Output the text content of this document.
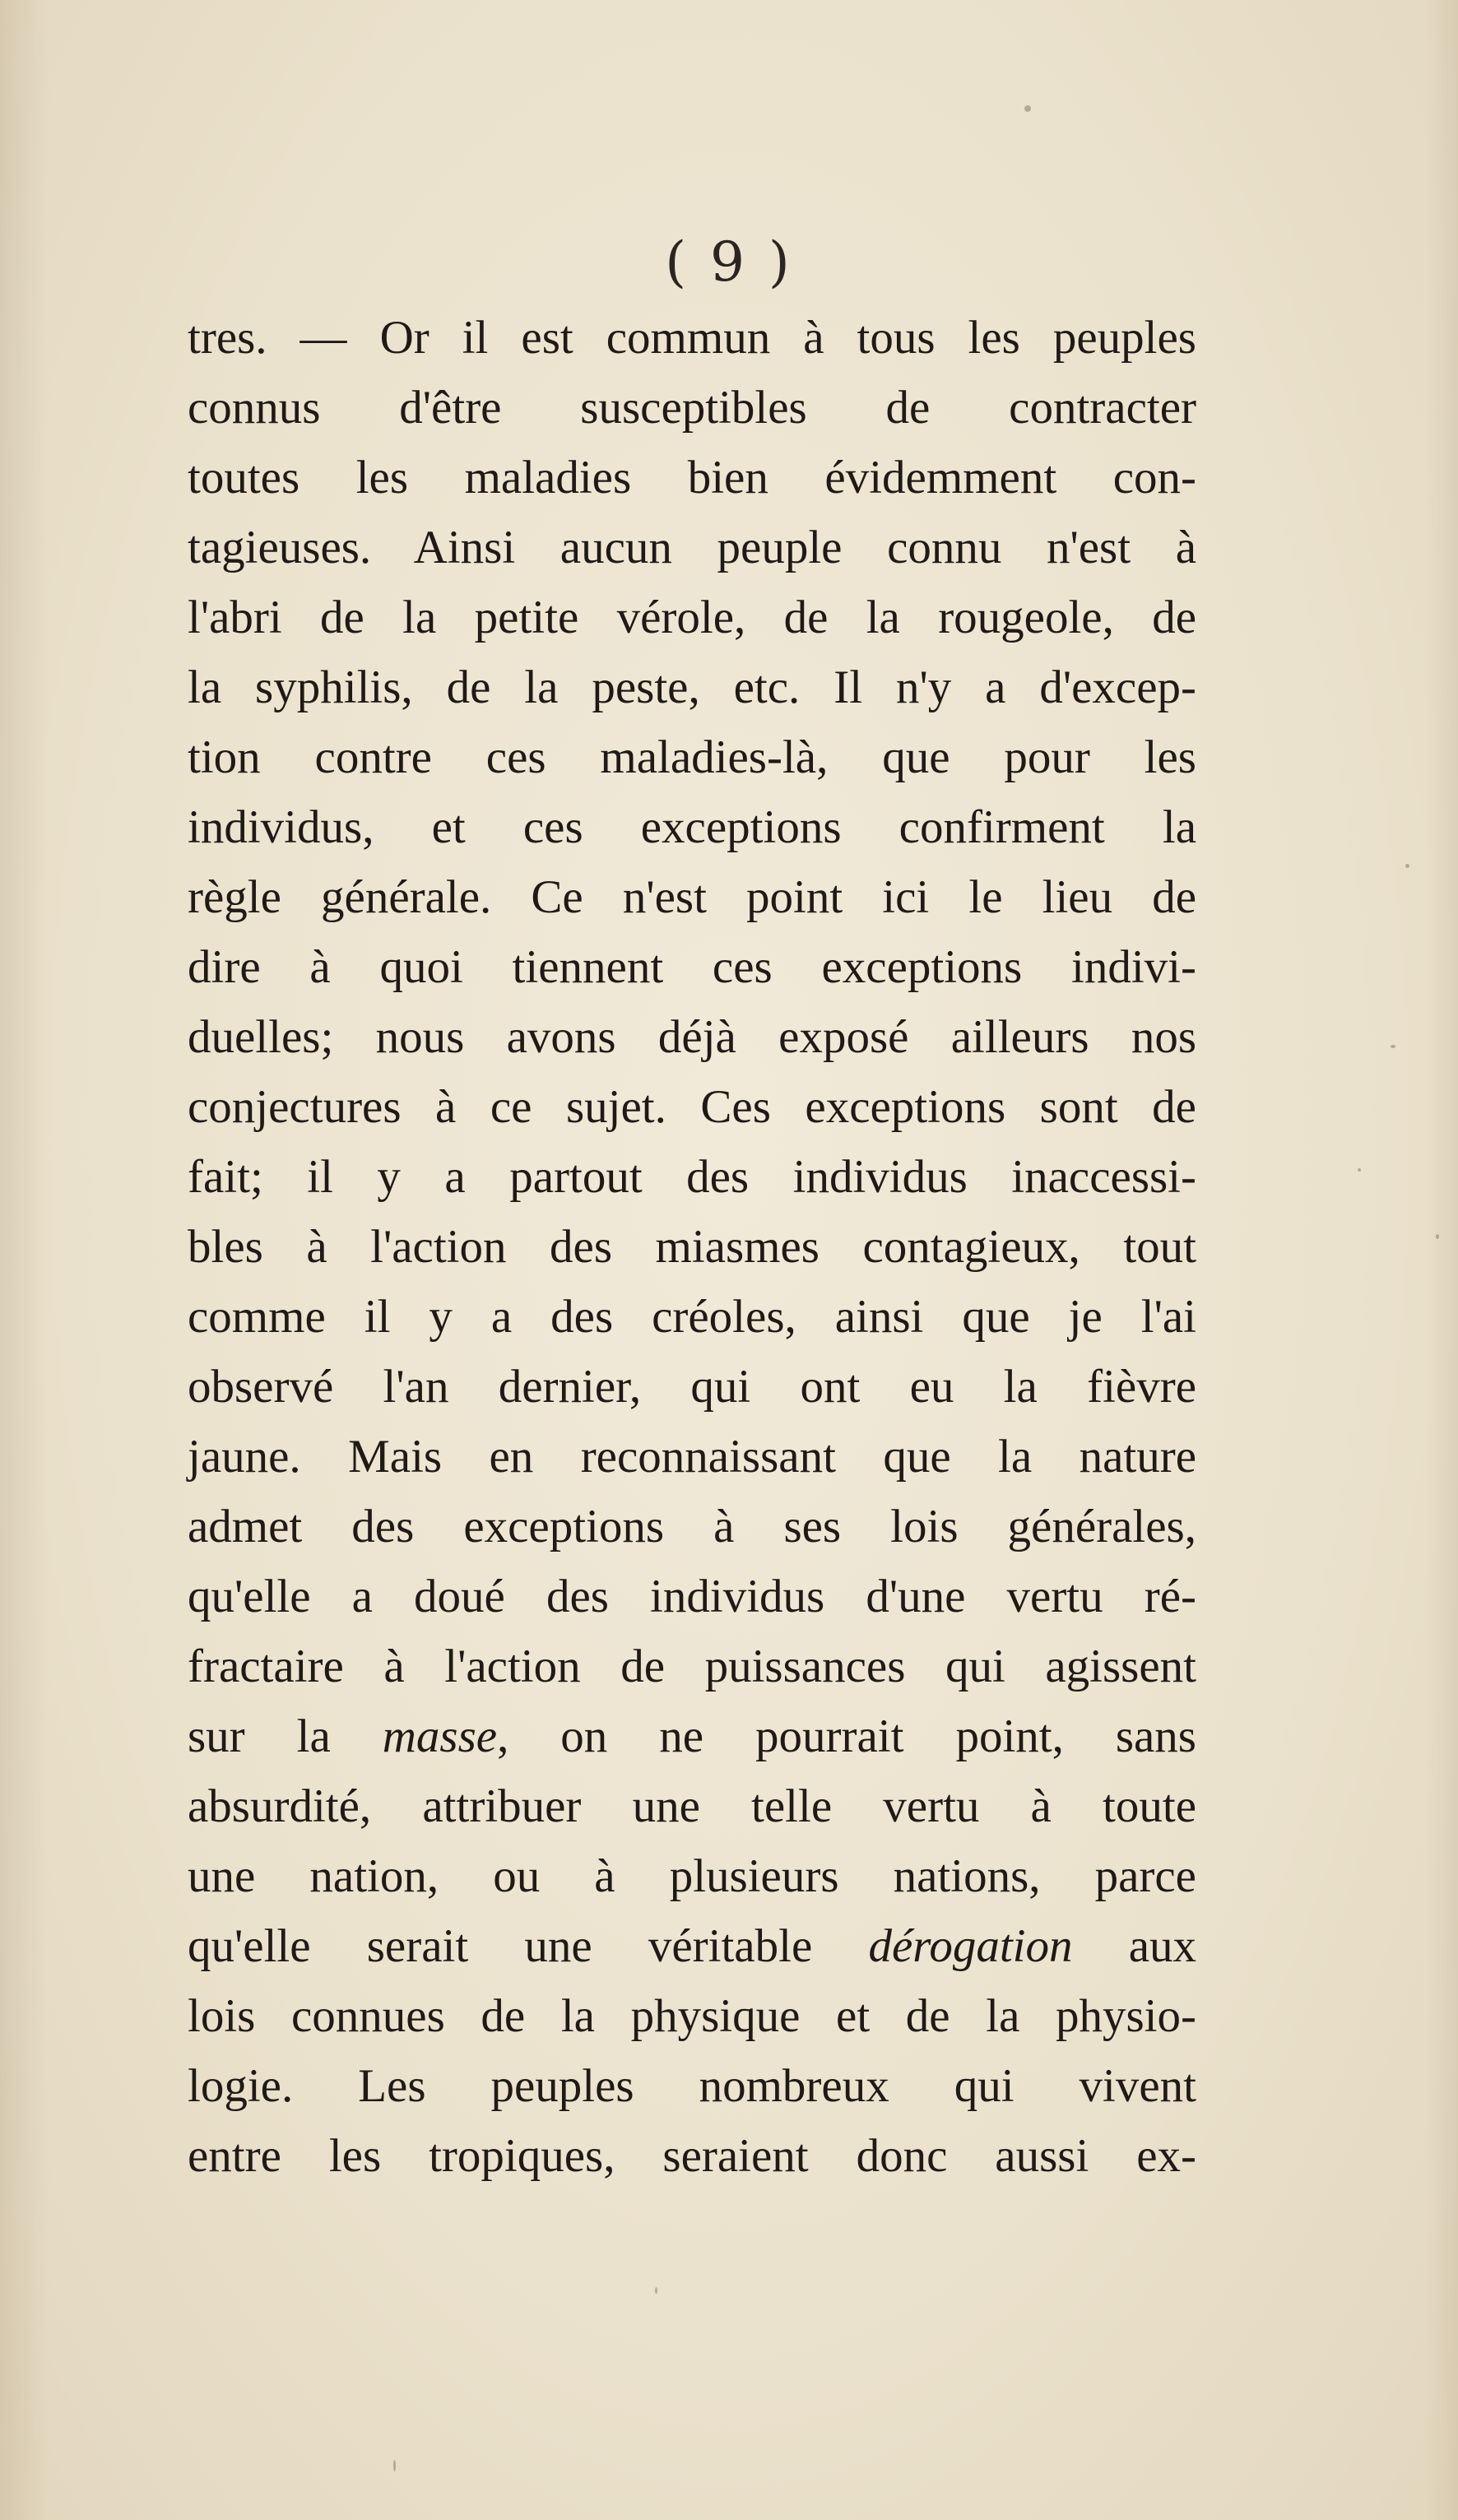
( 9 )
tres. — Or il est commun à tous les peuples
connus d'être susceptibles de contracter
toutes les maladies bien évidemment con-
tagieuses. Ainsi aucun peuple connu n'est à
l'abri de la petite vérole, de la rougeole, de
la syphilis, de la peste, etc. Il n'y a d'excep-
tion contre ces maladies-là, que pour les
individus, et ces exceptions confirment la
règle générale. Ce n'est point ici le lieu de
dire à quoi tiennent ces exceptions indivi-
duelles; nous avons déjà exposé ailleurs nos
conjectures à ce sujet. Ces exceptions sont de
fait; il y a partout des individus inaccessi-
bles à l'action des miasmes contagieux, tout
comme il y a des créoles, ainsi que je l'ai
observé l'an dernier, qui ont eu la fièvre
jaune. Mais en reconnaissant que la nature
admet des exceptions à ses lois générales,
qu'elle a doué des individus d'une vertu ré-
fractaire à l'action de puissances qui agissent
sur la masse, on ne pourrait point, sans
absurdité, attribuer une telle vertu à toute
une nation, ou à plusieurs nations, parce
qu'elle serait une véritable dérogation aux
lois connues de la physique et de la physio-
logie. Les peuples nombreux qui vivent
entre les tropiques, seraient donc aussi ex-
